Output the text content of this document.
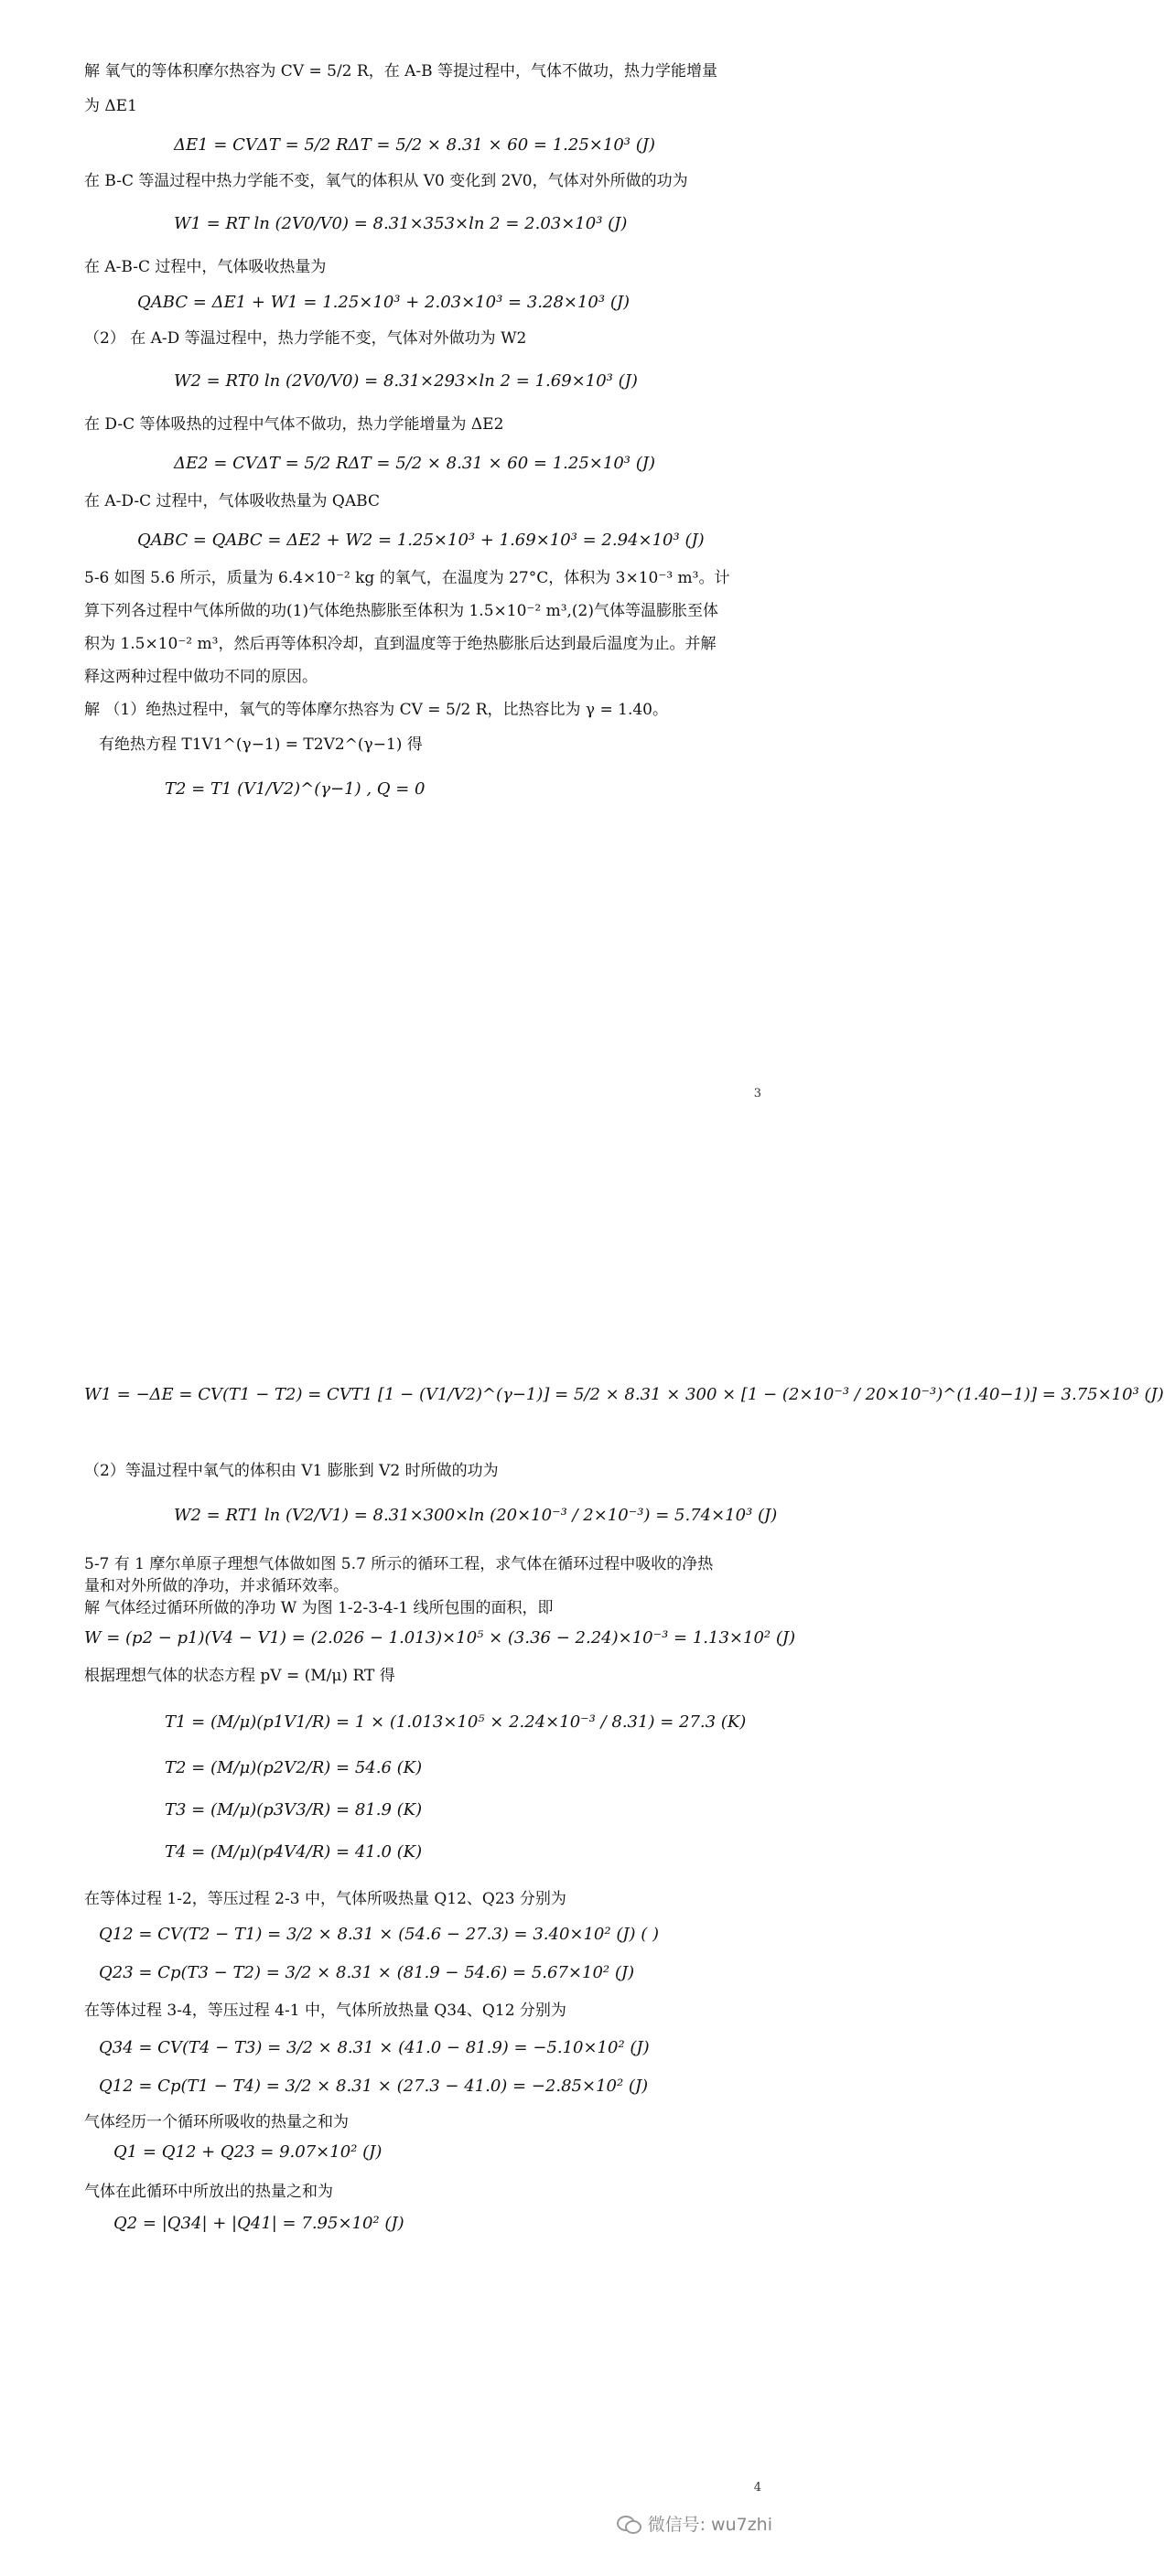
解 氧气的等体积摩尔热容为 CV = 5/2 R，在 A-B 等提过程中，气体不做功，热力学能增量
为 ΔE1
ΔE1 = CVΔT = 5/2 RΔT = 5/2 × 8.31 × 60 = 1.25×10³ (J)
在 B-C 等温过程中热力学能不变，氧气的体积从 V0 变化到 2V0，气体对外所做的功为
W1 = RT ln (2V0/V0) = 8.31×353×ln 2 = 2.03×10³ (J)
在 A-B-C 过程中，气体吸收热量为
QABC = ΔE1 + W1 = 1.25×10³ + 2.03×10³ = 3.28×10³ (J)
（2） 在 A-D 等温过程中，热力学能不变，气体对外做功为 W2
W2 = RT0 ln (2V0/V0) = 8.31×293×ln 2 = 1.69×10³ (J)
在 D-C 等体吸热的过程中气体不做功，热力学能增量为 ΔE2
ΔE2 = CVΔT = 5/2 RΔT = 5/2 × 8.31 × 60 = 1.25×10³ (J)
在 A-D-C 过程中，气体吸收热量为 QABC
QABC = QABC = ΔE2 + W2 = 1.25×10³ + 1.69×10³ = 2.94×10³ (J)
5-6 如图 5.6 所示，质量为 6.4×10⁻² kg 的氧气，在温度为 27°C，体积为 3×10⁻³ m³。计
算下列各过程中气体所做的功(1)气体绝热膨胀至体积为 1.5×10⁻² m³,(2)气体等温膨胀至体
积为 1.5×10⁻² m³，然后再等体积冷却，直到温度等于绝热膨胀后达到最后温度为止。并解
释这两种过程中做功不同的原因。
解 （1）绝热过程中，氧气的等体摩尔热容为 CV = 5/2 R，比热容比为 γ = 1.40。
有绝热方程 T1V1^(γ−1) = T2V2^(γ−1) 得
T2 = T1 (V1/V2)^(γ−1) , Q = 0
3
微信号: wu7zhi
W1 = −ΔE = CV(T1 − T2) = CVT1 [1 − (V1/V2)^(γ−1)] = 5/2 × 8.31 × 300 × [1 − (2×10⁻³ / 20×10⁻³)^(1.40−1)] = 3.75×10³ (J)
（2）等温过程中氧气的体积由 V1 膨胀到 V2 时所做的功为
W2 = RT1 ln (V2/V1) = 8.31×300×ln (20×10⁻³ / 2×10⁻³) = 5.74×10³ (J)
5-7 有 1 摩尔单原子理想气体做如图 5.7 所示的循环工程，求气体在循环过程中吸收的净热
量和对外所做的净功，并求循环效率。
解 气体经过循环所做的净功 W 为图 1-2-3-4-1 线所包围的面积，即
W = (p2 − p1)(V4 − V1) = (2.026 − 1.013)×10⁵ × (3.36 − 2.24)×10⁻³ = 1.13×10² (J)
根据理想气体的状态方程 pV = (M/μ) RT 得
T1 = (M/μ)(p1V1/R) = 1 × (1.013×10⁵ × 2.24×10⁻³ / 8.31) = 27.3 (K)
T2 = (M/μ)(p2V2/R) = 54.6 (K)
T3 = (M/μ)(p3V3/R) = 81.9 (K)
T4 = (M/μ)(p4V4/R) = 41.0 (K)
在等体过程 1-2，等压过程 2-3 中，气体所吸热量 Q12、Q23 分别为
Q12 = CV(T2 − T1) = 3/2 × 8.31 × (54.6 − 27.3) = 3.40×10² (J) ( )
Q23 = Cp(T3 − T2) = 3/2 × 8.31 × (81.9 − 54.6) = 5.67×10² (J)
在等体过程 3-4，等压过程 4-1 中，气体所放热量 Q34、Q12 分别为
Q34 = CV(T4 − T3) = 3/2 × 8.31 × (41.0 − 81.9) = −5.10×10² (J)
Q12 = Cp(T1 − T4) = 3/2 × 8.31 × (27.3 − 41.0) = −2.85×10² (J)
气体经历一个循环所吸收的热量之和为
Q1 = Q12 + Q23 = 9.07×10² (J)
气体在此循环中所放出的热量之和为
Q2 = |Q34| + |Q41| = 7.95×10² (J)
4
